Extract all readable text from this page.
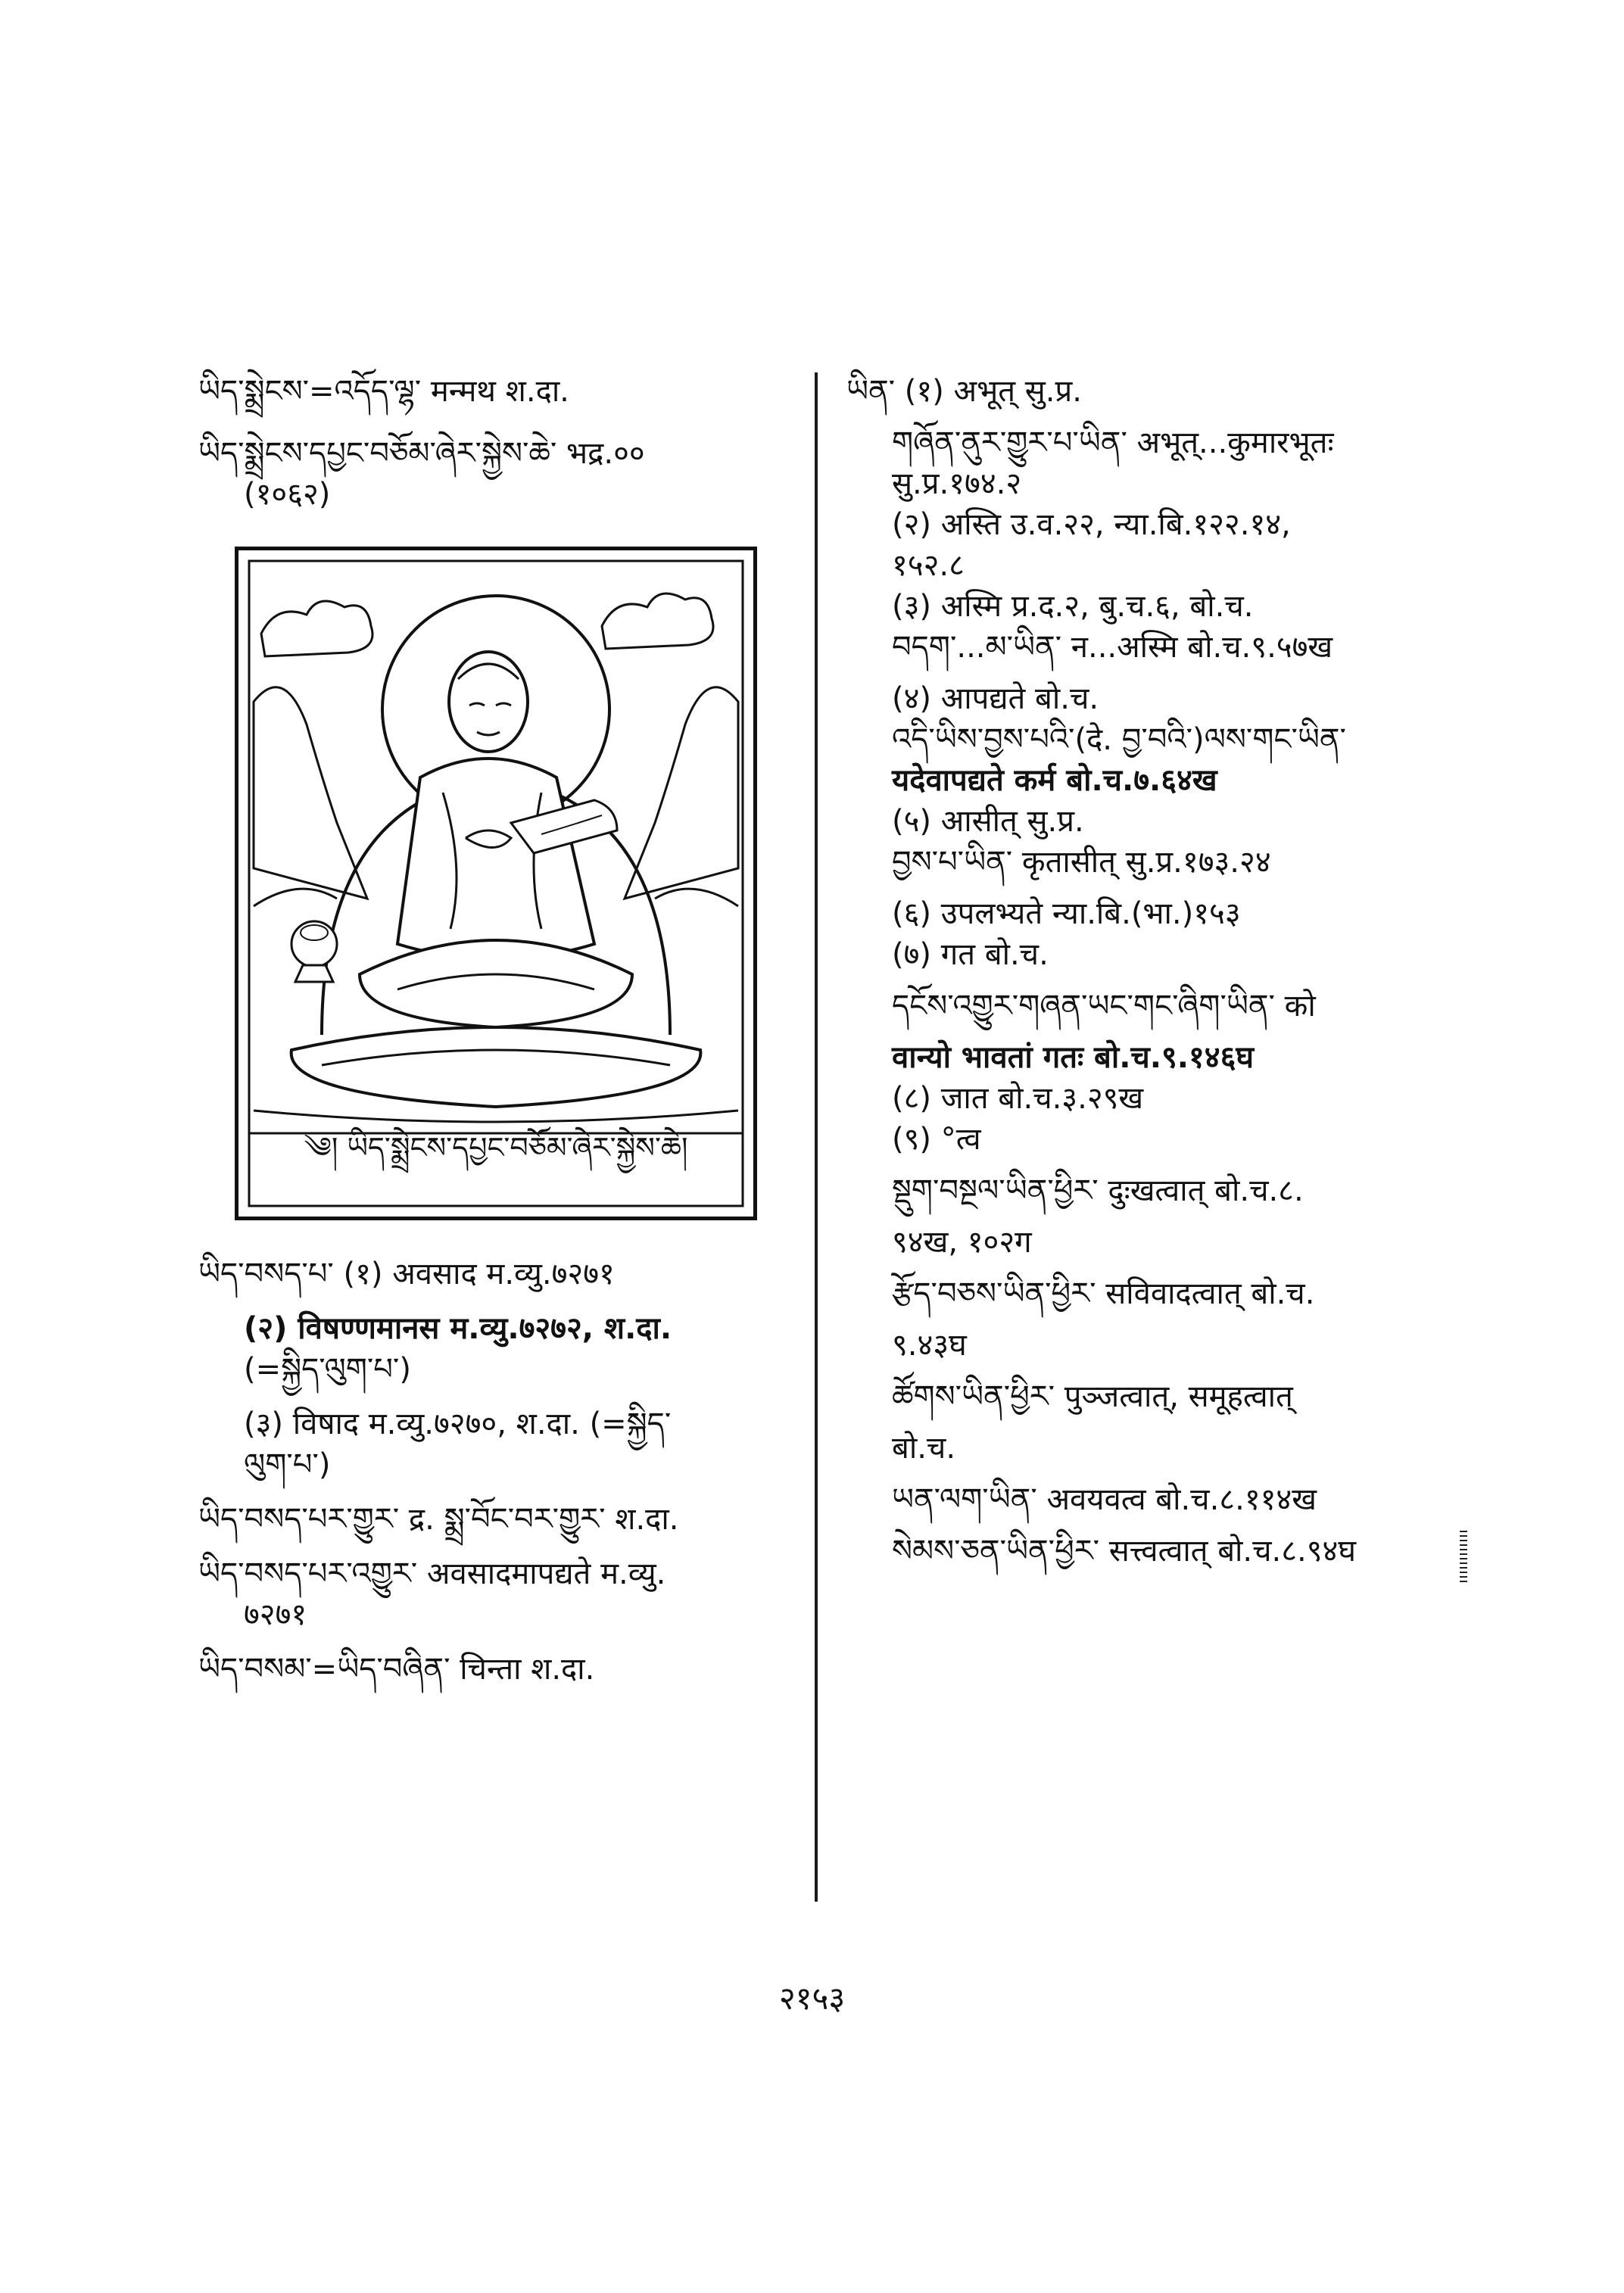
ཡིད་སྨྲེངས་=འདོད་ལྷ་ मन्मथ श.दा.

ཡིད་སྨྲེངས་དཔྱང་བཅོམ་ཞེར་སྐྱེས་ཆེ་ भद्र.००

(१०६२)

༄། ཡིད་སྨྲེངས་དཔྱང་བཅོམ་ཞེར་སྐྱེས་ཆེ།

ཡིད་བསད་པ་ (१) अवसाद म.व्यु.७२७१

(२) विषण्णमानस म.व्यु.७२७२, श.दा.

(=སྐྱིད་ལུག་པ་)

(३) विषाद म.व्यु.७२७०, श.दा. (=སྐྱིད་

ལུག་པ་)

ཡིད་བསད་པར་གྱུར་ द्र. སྨྲ་བོང་བར་གྱུར་ श.दा.

ཡིད་བསད་པར་འགྱུར་ अवसादमापद्यते म.व्यु.

७२७१

ཡིད་བསམ་=ཡིད་བཞིན་ चिन्ता श.दा.

ཡིན་ (१) अभूत् सु.प्र.

གཞོན་ནུར་གྱུར་པ་ཡིན་ अभूत्...कुमारभूतः

सु.प्र.१७४.२

(२) अस्ति उ.व.२२, न्या.बि.१२२.१४,

१५२.८

(३) अस्मि प्र.द.२, बु.च.६, बो.च.

བདག་...མ་ཡིན་ न...अस्मि बो.च.९.५७ख

(४) आपद्यते बो.च.

འདི་ཡིས་བྱས་པའི་(दे. བྱ་བའི་)ལས་གང་ཡིན་

यदेवापद्यते कर्म बो.च.७.६४ख

(५) आसीत् सु.प्र.

བྱས་པ་ཡིན་ कृतासीत् सु.प्र.१७३.२४

(६) उपलभ्यते न्या.बि.(भा.)१५३

(७) गत बो.च.

དངོས་འགྱུར་གཞན་ཡང་གང་ཞིག་ཡིན་ को

वान्यो भावतां गतः बो.च.९.१४६घ

(८) जात बो.च.३.२९ख

(९) °त्व

སྡུག་བསྔལ་ཡིན་ཕྱིར་ दुःखत्वात् बो.च.८.

९४ख, १०२ग

རྩོད་བཅས་ཡིན་ཕྱིར་ सविवादत्वात् बो.च.

९.४३घ

ཚོགས་ཡིན་ཕྱིར་ पुञ्जत्वात्, समूहत्वात्

बो.च.

ཡན་ལག་ཡིན་ अवयवत्व बो.च.८.११४ख

སེམས་ཅན་ཡིན་ཕྱིར་ सत्त्वत्वात् बो.च.८.९४घ

२१५३
